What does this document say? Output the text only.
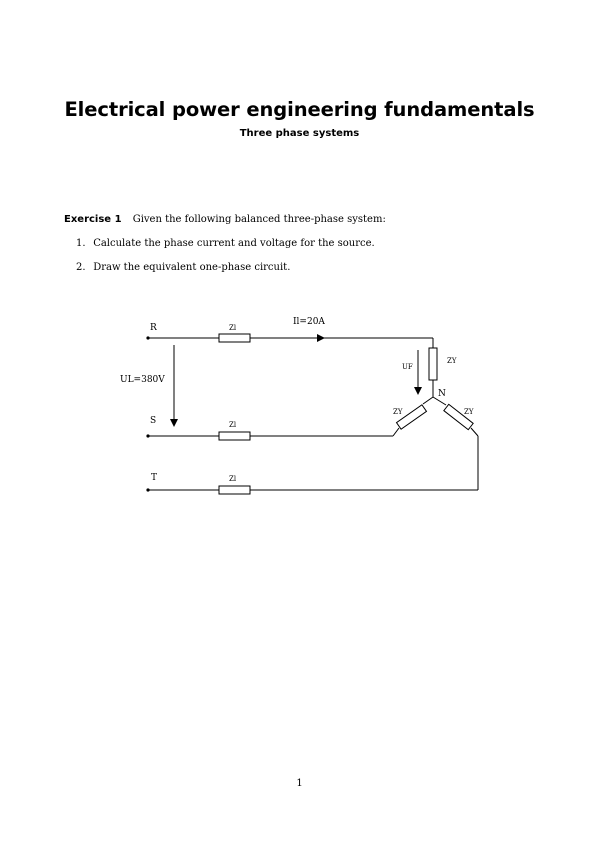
Electrical power engineering fundamentals
Three phase systems
Exercise 1 Given the following balanced three-phase system:
1. Calculate the phase current and voltage for the source.
2. Draw the equivalent one-phase circuit.
R
S
T
Zl
Zl
Zl
Il=20A
UL=380V
UF
ZY
ZY	ZY
N
1
